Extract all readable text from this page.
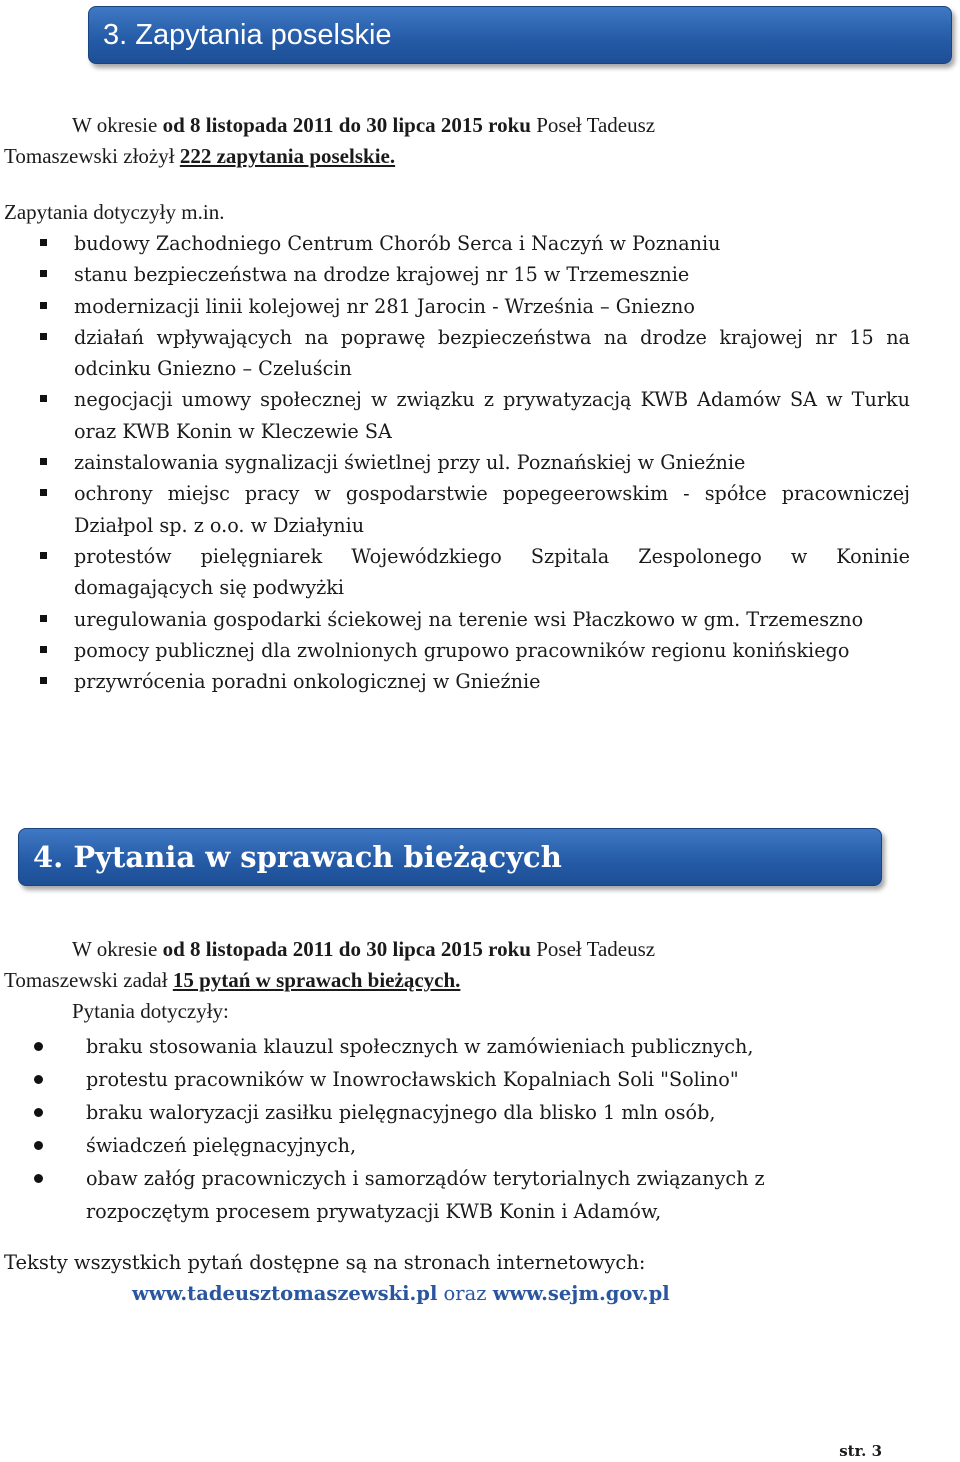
3. Zapytania poselskie
W okresie od 8 listopada 2011 do 30 lipca 2015 roku Poseł Tadeusz
Tomaszewski złożył 222 zapytania poselskie.
Zapytania dotyczyły m.in.
budowy Zachodniego Centrum Chorób Serca i Naczyń w Poznaniu
stanu bezpieczeństwa na drodze krajowej nr 15 w Trzemesznie
modernizacji linii kolejowej nr 281 Jarocin - Września – Gniezno
działań wpływających na poprawę bezpieczeństwa na drodze krajowej nr 15 na odcinku Gniezno – Czeluścin
negocjacji umowy społecznej w związku z prywatyzacją KWB Adamów SA w Turku oraz KWB Konin w Kleczewie SA
zainstalowania sygnalizacji świetlnej przy ul. Poznańskiej w Gnieźnie
ochrony miejsc pracy w gospodarstwie popegeerowskim - spółce pracowniczej Działpol sp. z o.o. w Działyniu
protestów pielęgniarek Wojewódzkiego Szpitala Zespolonego w Koninie domagających się podwyżki
uregulowania gospodarki ściekowej na terenie wsi Płaczkowo w gm. Trzemeszno
pomocy publicznej dla zwolnionych grupowo pracowników regionu konińskiego
przywrócenia poradni onkologicznej w Gnieźnie
4. Pytania w sprawach bieżących
W okresie od 8 listopada 2011 do 30 lipca 2015 roku Poseł Tadeusz
Tomaszewski zadał 15 pytań w sprawach bieżących.
Pytania dotyczyły:
braku stosowania klauzul społecznych w zamówieniach publicznych,
protestu pracowników w Inowrocławskich Kopalniach Soli "Solino"
braku waloryzacji zasiłku pielęgnacyjnego dla blisko 1 mln osób,
świadczeń pielęgnacyjnych,
obaw załóg pracowniczych i samorządów terytorialnych związanych z rozpoczętym procesem prywatyzacji KWB Konin i Adamów,
Teksty wszystkich pytań dostępne są na stronach internetowych:
www.tadeusztomaszewski.pl oraz www.sejm.gov.pl
str. 3
